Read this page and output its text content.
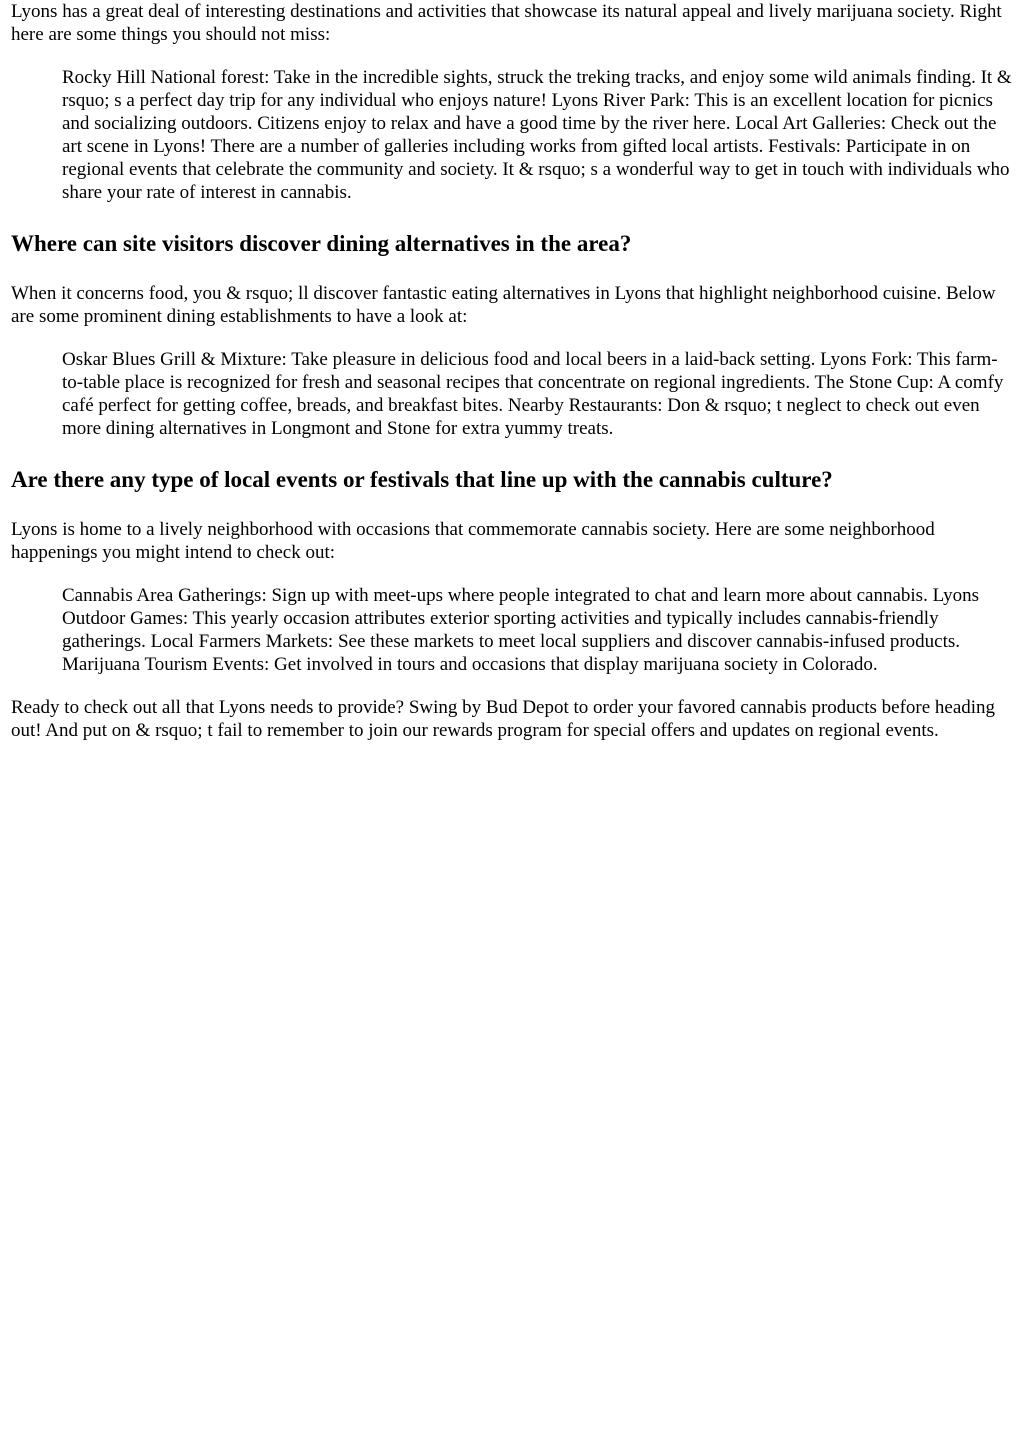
Lyons has a great deal of interesting destinations and activities that showcase its natural appeal and lively marijuana society. Right here are some things you should not miss:

Rocky Hill National forest: Take in the incredible sights, struck the treking tracks, and enjoy some wild animals finding. It & rsquo; s a perfect day trip for any individual who enjoys nature! Lyons River Park: This is an excellent location for picnics and socializing outdoors. Citizens enjoy to relax and have a good time by the river here. Local Art Galleries: Check out the art scene in Lyons! There are a number of galleries including works from gifted local artists. Festivals: Participate in on regional events that celebrate the community and society. It & rsquo; s a wonderful way to get in touch with individuals who share your rate of interest in cannabis.

Where can site visitors discover dining alternatives in the area?

When it concerns food, you & rsquo; ll discover fantastic eating alternatives in Lyons that highlight neighborhood cuisine. Below are some prominent dining establishments to have a look at:

Oskar Blues Grill & Mixture: Take pleasure in delicious food and local beers in a laid-back setting. Lyons Fork: This farm-to-table place is recognized for fresh and seasonal recipes that concentrate on regional ingredients. The Stone Cup: A comfy café perfect for getting coffee, breads, and breakfast bites. Nearby Restaurants: Don & rsquo; t neglect to check out even more dining alternatives in Longmont and Stone for extra yummy treats.

Are there any type of local events or festivals that line up with the cannabis culture?

Lyons is home to a lively neighborhood with occasions that commemorate cannabis society. Here are some neighborhood happenings you might intend to check out:

Cannabis Area Gatherings: Sign up with meet-ups where people integrated to chat and learn more about cannabis. Lyons Outdoor Games: This yearly occasion attributes exterior sporting activities and typically includes cannabis-friendly gatherings. Local Farmers Markets: See these markets to meet local suppliers and discover cannabis-infused products. Marijuana Tourism Events: Get involved in tours and occasions that display marijuana society in Colorado.

Ready to check out all that Lyons needs to provide? Swing by Bud Depot to order your favored cannabis products before heading out! And put on & rsquo; t fail to remember to join our rewards program for special offers and updates on regional events.
